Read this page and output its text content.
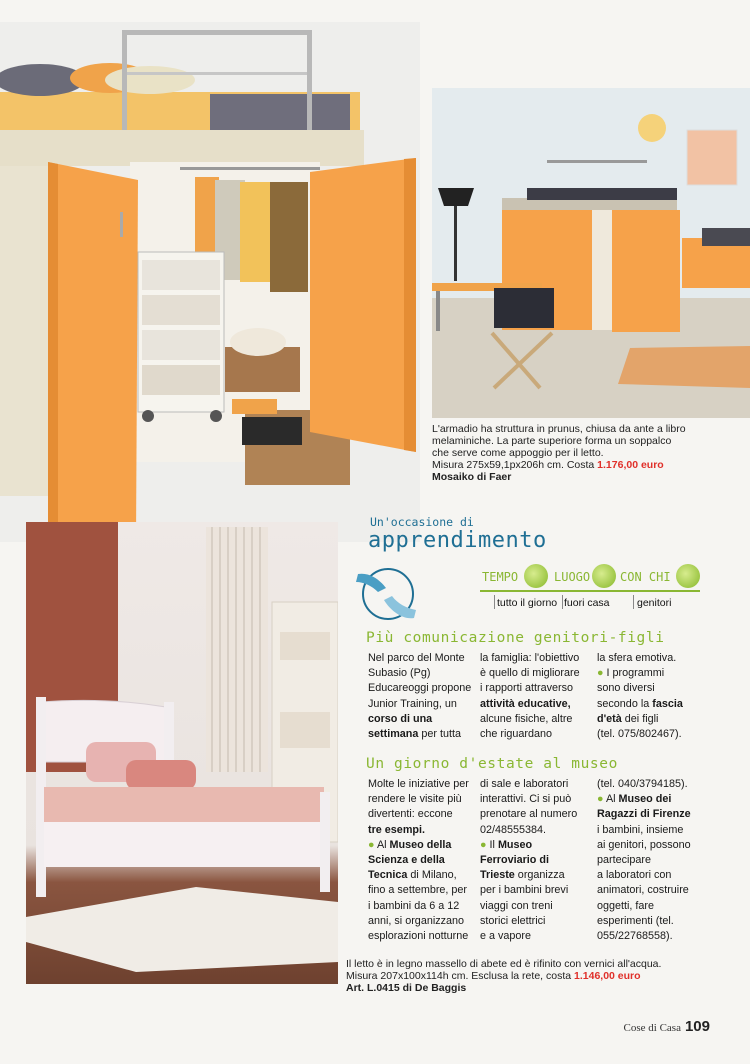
L'armadio ha struttura in prunus, chiusa da ante a libro
melaminiche. La parte superiore forma un soppalco
che serve come appoggio per il letto.
Misura 275x59,1px206h cm. Costa 1.176,00 euro
Mosaiko di Faer
Il letto è in legno massello di abete ed è rifinito con vernici all'acqua.
Misura 207x100x114h cm. Esclusa la rete, costa 1.146,00 euro
Art. L.0415 di De Baggis
Un'occasione di
apprendimento
TEMPO	LUOGO CON CHI
tutto il giorno fuori casa	genitori
Più comunicazione genitori-figli
Nel parco del Monte
Subasio (Pg)
Educareoggi propone
Junior Training, un
corso di una
settimana per tutta
la famiglia: l'obiettivo
è quello di migliorare
i rapporti attraverso
attività educative,
alcune fisiche, altre
che riguardano
la sfera emotiva.
● I programmi
sono diversi
secondo la fascia
d'età dei figli
(tel. 075/802467).
Un giorno d'estate al museo
Molte le iniziative per
rendere le visite più
divertenti: eccone
tre esempi.
● Al Museo della
Scienza e della
Tecnica di Milano,
fino a settembre, per
i bambini da 6 a 12
anni, si organizzano
esplorazioni notturne
di sale e laboratori
interattivi. Ci si può
prenotare al numero
02/48555384.
● Il Museo
Ferroviario di
Trieste organizza
per i bambini brevi
viaggi con treni
storici elettrici
e a vapore
(tel. 040/3794185).
● Al Museo dei
Ragazzi di Firenze
i bambini, insieme
ai genitori, possono
partecipare
a laboratori con
animatori, costruire
oggetti, fare
esperimenti (tel.
055/22768558).
Cose di Casa 109
